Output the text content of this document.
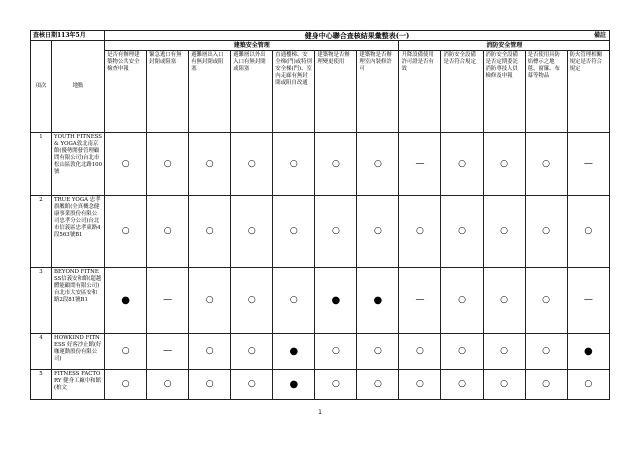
查核日期113年5月		健身中心聯合查核結果彙整表(一) 備註											

項次	地點	建築安全管理							消防安全管理				
		是否有辦理建築物公共安全檢查申報	緊急逃口有無封閉或阻塞	避難層出入口有無封閉或阻塞	避難層以外出入口有無封閉或阻塞	直通樓梯、安全梯(門)或特別安全梯(門)、室內走廊有無封閉或阻自改通	建築物是否辦理變更使用	建築物是否辦理室內裝修許可	升降設備使用許可證是否有效	消防安全設備是否符合規定	消防安全設備是否定期委託消防專技人員檢修及申報	是否使用具防焰標示之地毯、窗簾、布幕等物品	防火管理相關規定是否符合規定
1	YOUTH FITNESS & YOGA敦北南京館(優勢開發管理顧問有限公司)台北市松山區敦化北路100號	○	○	○	○	○	○	○	—	○	○	○	—
2	TRUE YOGA 忠孝旗艦館(全真概念健康事業股份有限公司忠孝分公司)台北市信義區忠孝東路4段563號B1	○	○	○	○	○	○	○	○	○	○	○	○
3	BEYOND FITNESS信義安和館(超越體能顧問有限公司)台北市大安區安和路2段81號B1	●	—	○	○	○	●	●	—	○	○	○	—
4	HOWKIND FITNESS 好客沙止館(好咖運動股份有限公司)	○	—	○	○	●	○	○	○	○	○	○	●
5	FITNESS FACTORY 健身工廠中和館(柏文	○	○	○	○	●	○	○	○	○	○	○	○
1
